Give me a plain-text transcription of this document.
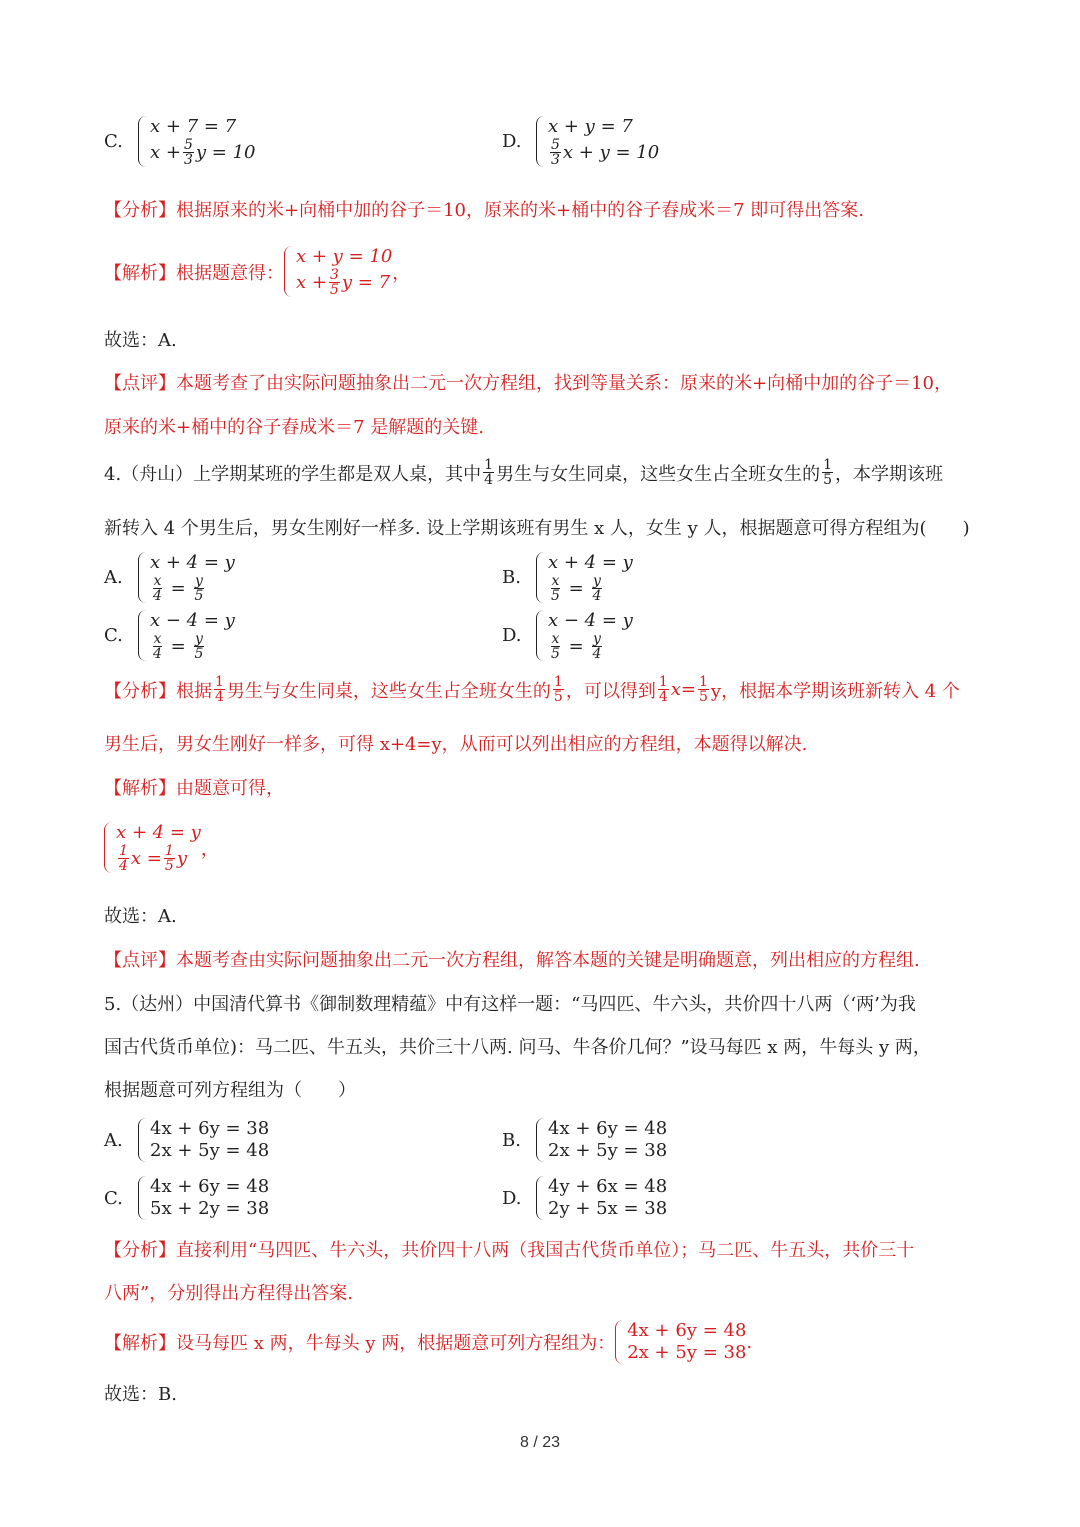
C.
x + 7 = 7
$x + \frac{5}{3}$ y = 10	D.
x + y = 7
$\frac{5}{3}$ x + y = 10
【分析】根据原来的米+向桶中加的谷子＝10，原来的米+桶中的谷子舂成米＝7 即可得出答案.
【解析】根据题意得：
x + y = 10
$x + \frac{3}{5}$ y = 7 ，
故选：A.
【点评】本题考查了由实际问题抽象出二元一次方程组，找到等量关系：原来的米+向桶中加的谷子＝10，
原来的米+桶中的谷子舂成米＝7 是解题的关键.
4.（舟山）上学期某班的学生都是双人桌，其中 $\frac{1}{4}$ 男生与女生同桌，这些女生占全班女生的 $\frac{1}{5}$ ，本学期该班
新转入 4 个男生后，男女生刚好一样多. 设上学期该班有男生 x 人，女生 y 人，根据题意可得方程组为(　　)
A.
x + 4 = y
$\frac{x}{4} = \frac{y}{5}$	B.
x + 4 = y
$\frac{x}{5} = \frac{y}{4}$
C.
x − 4 = y
$\frac{x}{4} = \frac{y}{5}$	D.
x − 4 = y
$\frac{x}{5} = \frac{y}{4}$
【分析】根据 $\frac{1}{4}$ 男生与女生同桌，这些女生占全班女生的 $\frac{1}{5}$ ，可以得到 $\frac{1}{4} x= \frac{1}{5}$ y，根据本学期该班新转入 4 个
男生后，男女生刚好一样多，可得 x+4=y，从而可以列出相应的方程组，本题得以解决.
【解析】由题意可得，
x + 4 = y
$\frac{1}{4}$ $x = \frac{1}{5}$ y ，
故选：A.
【点评】本题考查由实际问题抽象出二元一次方程组，解答本题的关键是明确题意，列出相应的方程组.
5.（达州）中国清代算书《御制数理精蕴》中有这样一题：“马四匹、牛六头，共价四十八两（‘两’为我
国古代货币单位)：马二匹、牛五头，共价三十八两. 问马、牛各价几何？”设马每匹 x 两，牛每头 y 两，
根据题意可列方程组为（　　）
A.
4x + 6y = 38
2x + 5y = 48	B.
4x + 6y = 48
2x + 5y = 38
C.
4x + 6y = 48
5x + 2y = 38	D.
4y + 6x = 48
2y + 5x = 38
【分析】直接利用“马四匹、牛六头，共价四十八两（我国古代货币单位）；马二匹、牛五头，共价三十
八两”，分别得出方程得出答案.
【解析】设马每匹 x 两，牛每头 y 两，根据题意可列方程组为：
4x + 6y = 48
2x + 5y = 38 .
故选：B.
8 / 23
